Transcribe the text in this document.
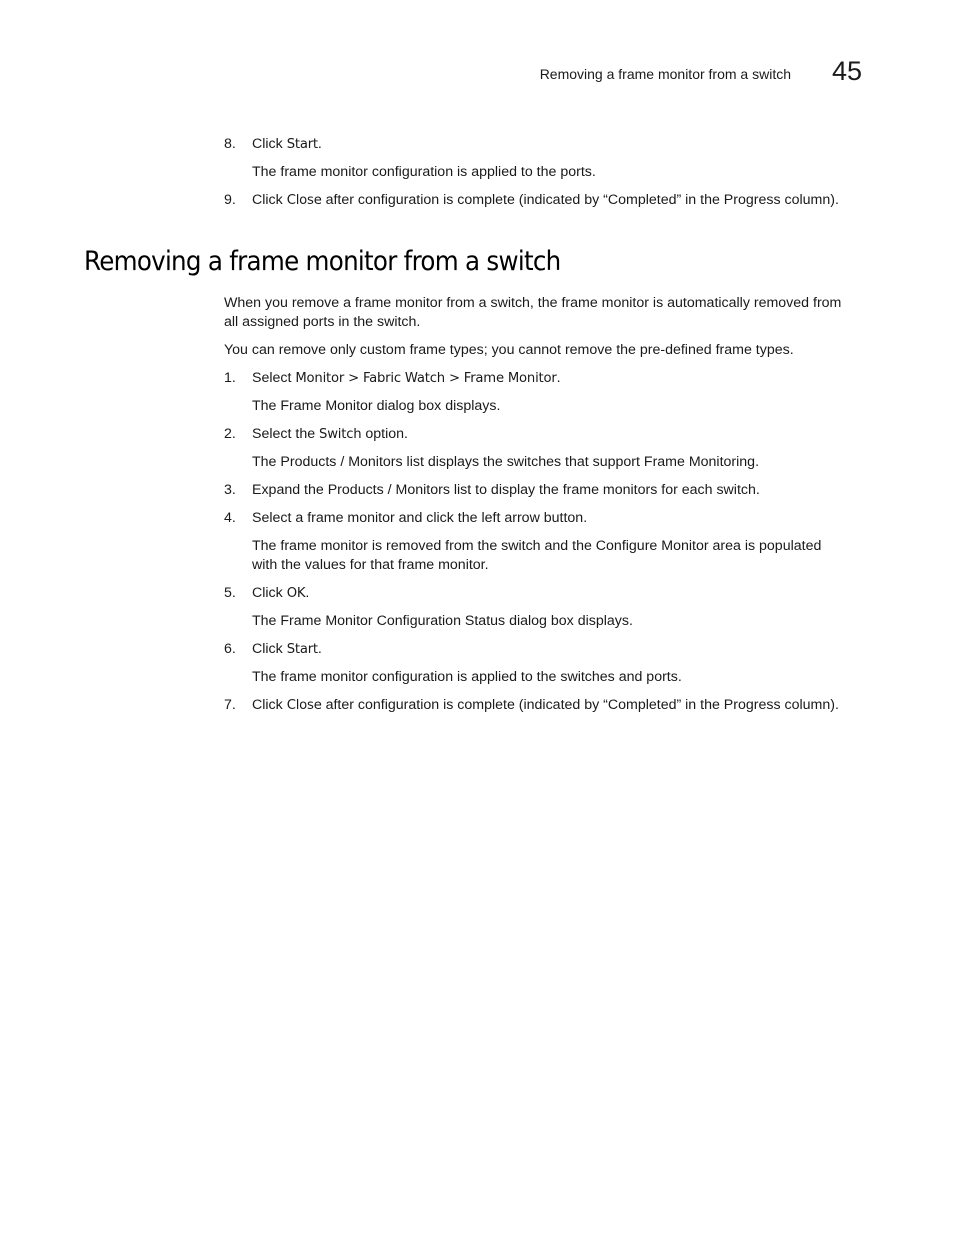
Removing a frame monitor from a switch 45
8. Click Start.
The frame monitor configuration is applied to the ports.
9. Click Close after configuration is complete (indicated by “Completed” in the Progress column).
Removing a frame monitor from a switch
When you remove a frame monitor from a switch, the frame monitor is automatically removed from
all assigned ports in the switch.
You can remove only custom frame types; you cannot remove the pre-defined frame types.
1. Select Monitor > Fabric Watch > Frame Monitor.
The Frame Monitor dialog box displays.
2. Select the Switch option.
The Products / Monitors list displays the switches that support Frame Monitoring.
3. Expand the Products / Monitors list to display the frame monitors for each switch.
4. Select a frame monitor and click the left arrow button.
The frame monitor is removed from the switch and the Configure Monitor area is populated
with the values for that frame monitor.
5. Click OK.
The Frame Monitor Configuration Status dialog box displays.
6. Click Start.
The frame monitor configuration is applied to the switches and ports.
7. Click Close after configuration is complete (indicated by “Completed” in the Progress column).
